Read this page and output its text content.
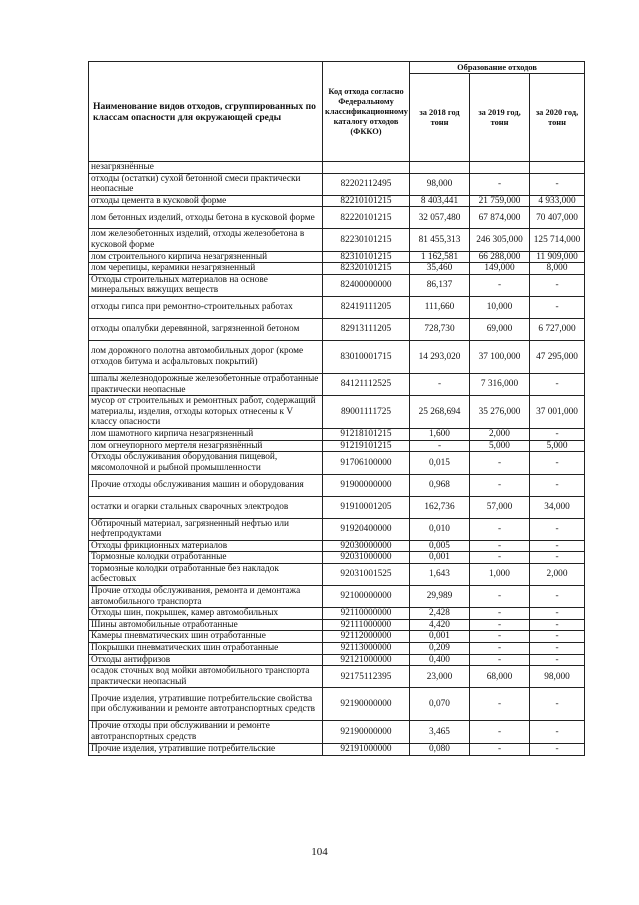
Наименование видов отходов, сгруппированных по классам опасности для окружающей среды	Код отхода согласно Федеральному классификационному каталогу отходов (ФККО)	Образование отходов		
		за 2018 год тонн	за 2019 год, тонн	за 2020 год, тонн
незагрязнённые				
отходы (остатки) сухой бетонной смеси практически неопасные	82202112495	98,000	-	-
отходы цемента в кусковой форме	82210101215	8 403,441	21 759,000	4 933,000
лом бетонных изделий, отходы бетона в кусковой форме	82220101215	32 057,480	67 874,000	70 407,000
лом железобетонных изделий, отходы железобетона в кусковой форме	82230101215	81 455,313	246 305,000	125 714,000
лом строительного кирпича незагрязненный	82310101215	1 162,581	66 288,000	11 909,000
лом черепицы, керамики незагрязненный	82320101215	35,460	149,000	8,000
Отходы строительных материалов на основе минеральных вяжущих веществ	82400000000	86,137	-	-
отходы гипса при ремонтно-строительных работах	82419111205	111,660	10,000	-
отходы опалубки деревянной, загрязненной бетоном	82913111205	728,730	69,000	6 727,000
лом дорожного полотна автомобильных дорог (кроме отходов битума и асфальтовых покрытий)	83010001715	14 293,020	37 100,000	47 295,000
шпалы железнодорожные железобетонные отработанные практически неопасные	84121112525	-	7 316,000	-
мусор от строительных и ремонтных работ, содержащий материалы, изделия, отходы которых отнесены к V классу опасности	89001111725	25 268,694	35 276,000	37 001,000
лом шамотного кирпича незагрязненный	91218101215	1,600	2,000	-
лом огнеупорного мертеля незагрязнённый	91219101215	-	5,000	5,000
Отходы обслуживания оборудования пищевой, мясомолочной и рыбной промышленности	91706100000	0,015	-	-
Прочие отходы обслуживания машин и оборудования	91900000000	0,968	-	-
остатки и огарки стальных сварочных электродов	91910001205	162,736	57,000	34,000
Обтирочный материал, загрязненный нефтью или нефтепродуктами	91920400000	0,010	-	-
Отходы фрикционных материалов	92030000000	0,005	-	-
Тормозные колодки отработанные	92031000000	0,001	-	-
тормозные колодки отработанные без накладок асбестовых	92031001525	1,643	1,000	2,000
Прочие отходы обслуживания, ремонта и демонтажа автомобильного транспорта	92100000000	29,989	-	-
Отходы шин, покрышек, камер автомобильных	92110000000	2,428	-	-
Шины автомобильные отработанные	92111000000	4,420	-	-
Камеры пневматических шин отработанные	92112000000	0,001	-	-
Покрышки пневматических шин отработанные	92113000000	0,209	-	-
Отходы антифризов	92121000000	0,400	-	-
осадок сточных вод мойки автомобильного транспорта практически неопасный	92175112395	23,000	68,000	98,000
Прочие изделия, утратившие потребительские свойства при обслуживании и ремонте автотранспортных средств	92190000000	0,070	-	-
Прочие отходы при обслуживании и ремонте автотранспортных средств	92190000000	3,465	-	-
Прочие изделия, утратившие потребительские	92191000000	0,080	-	-
104
